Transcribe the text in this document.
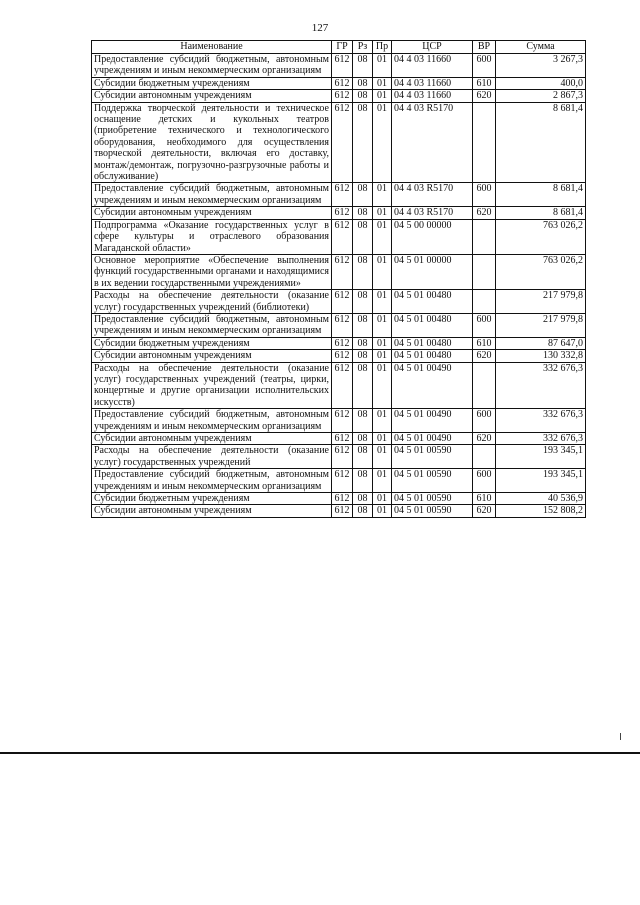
127
Наименование	ГР	Рз	Пр	ЦСР	ВР	Сумма
Предоставление субсидий бюджетным, автономным учреждениям и иным некоммерческим организациям	612	08	01	04 4 03 11660	600	3 267,3
Субсидии бюджетным учреждениям	612	08	01	04 4 03 11660	610	400,0
Субсидии автономным учреждениям	612	08	01	04 4 03 11660	620	2 867,3
Поддержка творческой деятельности и техническое оснащение детских и кукольных театров (приобретение технического и технологического оборудования, необходимого для осуществления творческой деятельности, включая его доставку, монтаж/демонтаж, погрузочно-разгрузочные работы и обслуживание)	612	08	01	04 4 03 R5170		8 681,4
Предоставление субсидий бюджетным, автономным учреждениям и иным некоммерческим организациям	612	08	01	04 4 03 R5170	600	8 681,4
Субсидии автономным учреждениям	612	08	01	04 4 03 R5170	620	8 681,4
Подпрограмма «Оказание государственных услуг в сфере культуры и отраслевого образования Магаданской области»	612	08	01	04 5 00 00000		763 026,2
Основное мероприятие «Обеспечение выполнения функций государственными органами и находящимися в их ведении государственными учреждениями»	612	08	01	04 5 01 00000		763 026,2
Расходы на обеспечение деятельности (оказание услуг) государственных учреждений (библиотеки)	612	08	01	04 5 01 00480		217 979,8
Предоставление субсидий бюджетным, автономным учреждениям и иным некоммерческим организациям	612	08	01	04 5 01 00480	600	217 979,8
Субсидии бюджетным учреждениям	612	08	01	04 5 01 00480	610	87 647,0
Субсидии автономным учреждениям	612	08	01	04 5 01 00480	620	130 332,8
Расходы на обеспечение деятельности (оказание услуг) государственных учреждений (театры, цирки, концертные и другие организации исполнительских искусств)	612	08	01	04 5 01 00490		332 676,3
Предоставление субсидий бюджетным, автономным учреждениям и иным некоммерческим организациям	612	08	01	04 5 01 00490	600	332 676,3
Субсидии автономным учреждениям	612	08	01	04 5 01 00490	620	332 676,3
Расходы на обеспечение деятельности (оказание услуг) государственных учреждений	612	08	01	04 5 01 00590		193 345,1
Предоставление субсидий бюджетным, автономным учреждениям и иным некоммерческим организациям	612	08	01	04 5 01 00590	600	193 345,1
Субсидии бюджетным учреждениям	612	08	01	04 5 01 00590	610	40 536,9
Субсидии автономным учреждениям	612	08	01	04 5 01 00590	620	152 808,2
